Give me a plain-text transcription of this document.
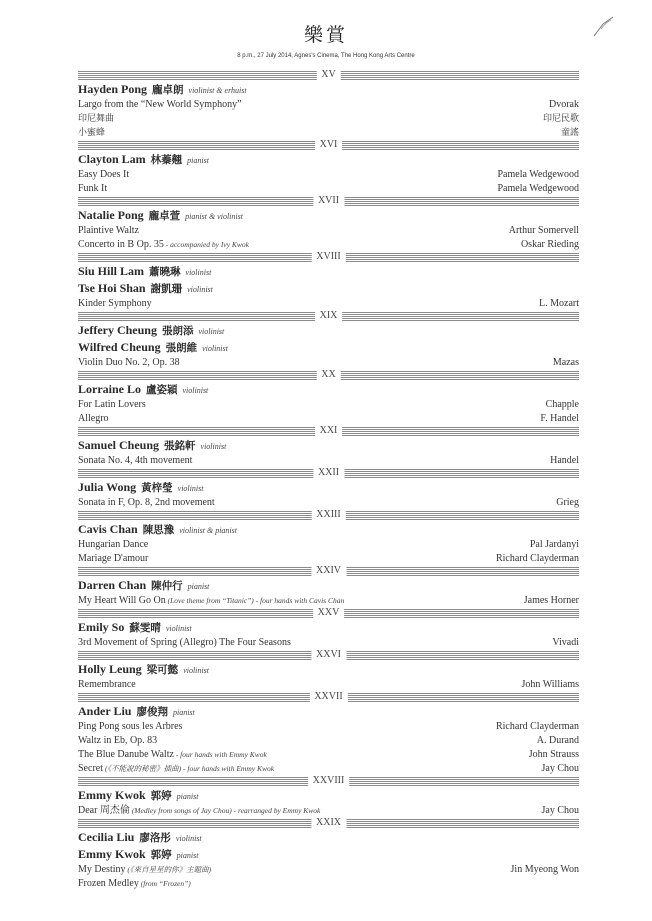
樂賞
8 p.m., 27 July 2014, Agnes's Cinema, The Hong Kong Arts Centre
XV
Hayden Pong 龐卓朗 violinist & erhuist
Largo from the “New World Symphony”	Dvorak
印尼舞曲	印尼民歌
小蜜蜂	童謠
XVI
Clayton Lam 林蓁翹 pianist
Easy Does It	Pamela Wedgewood
Funk It	Pamela Wedgewood
XVII
Natalie Pong 龐卓萱 pianist & violinist
Plaintive Waltz	Arthur Somervell
Concerto in B Op. 35 - accompanied by Ivy Kwok	Oskar Rieding
XVIII
Siu Hill Lam 蕭曉琳 violinist
Tse Hoi Shan 謝凱珊 violinist
Kinder Symphony	L. Mozart
XIX
Jeffery Cheung 張朗添 violinist
Wilfred Cheung 張朗維 violinist
Violin Duo No. 2, Op. 38	Mazas
XX
Lorraine Lo 盧姿穎 violinist
For Latin Lovers	Chapple
Allegro	F. Handel
XXI
Samuel Cheung 張銘軒 violinist
Sonata No. 4, 4th movement	Handel
XXII
Julia Wong 黃梓瑩 violinist
Sonata in F, Op. 8, 2nd movement	Grieg
XXIII
Cavis Chan 陳思豫 violinist & pianist
Hungarian Dance	Pal Jardanyi
Mariage D'amour	Richard Clayderman
XXIV
Darren Chan 陳仲行 pianist
My Heart Will Go On (Love theme from “Titanic”) - four hands with Cavis Chan	James Horner
XXV
Emily So 蘇雯晴 violinist
3rd Movement of Spring (Allegro) The Four Seasons	Vivadi
XXVI
Holly Leung 梁可懿 violinist
Remembrance	John Williams
XXVII
Ander Liu 廖俊翔 pianist
Ping Pong sous les Arbres	Richard Clayderman
Waltz in Eb, Op. 83	A. Durand
The Blue Danube Waltz - four hands with Emmy Kwok	John Strauss
Secret (《不能說的秘密》插曲) - four hands with Emmy Kwok	Jay Chou
XXVIII
Emmy Kwok 郭婷 pianist
Dear 周杰倫 (Medley from songs of Jay Chou) - rearranged by Emmy Kwok	Jay Chou
XXIX
Cecilia Liu 廖洛彤 violinist
Emmy Kwok 郭婷 pianist
My Destiny (《來自星星的你》主題曲)	Jin Myeong Won
Frozen Medley (from “Frozen”)
